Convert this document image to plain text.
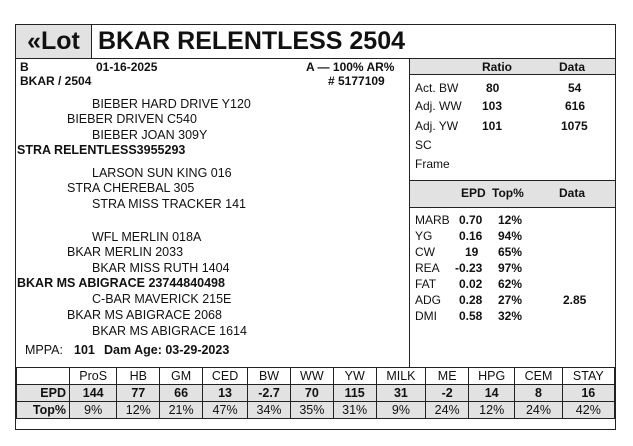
«Lot BKAR RELENTLESS 2504
B	01-16-2025	A — 100% AR%
BKAR / 2504	# 5177109
BIEBER HARD DRIVE Y120
BIEBER DRIVEN C540
BIEBER JOAN 309Y
STRA RELENTLESS3955293
LARSON SUN KING 016
STRA CHEREBAL 305
STRA MISS TRACKER 141
WFL MERLIN 018A
BKAR MERLIN 2033
BKAR MISS RUTH 1404
BKAR MS ABIGRACE 23744840498
C-BAR MAVERICK 215E
BKAR MS ABIGRACE 2068
BKAR MS ABIGRACE 1614
MPPA: 101 Dam Age: 03-29-2023
Ratio	Data
Act. BW 80	54
Adj. WW 103	616
Adj. YW 101	1075
SC
Frame
EPD Top%	Data
MARB 0.70 12%
YG 0.16 94%
CW	19 65%
REA -0.23 97%
FAT 0.02 62%
ADG 0.28 27%	2.85
DMI 0.58 32%
	ProS	HB	GM	CED	BW	WW	YW	MILK	ME	HPG	CEM	STAY
EPD	144	77	66	13	-2.7	70	115	31	-2	14	8	16
Top%	9%	12%	21%	47%	34%	35%	31%	9%	24%	12%	24%	42%
